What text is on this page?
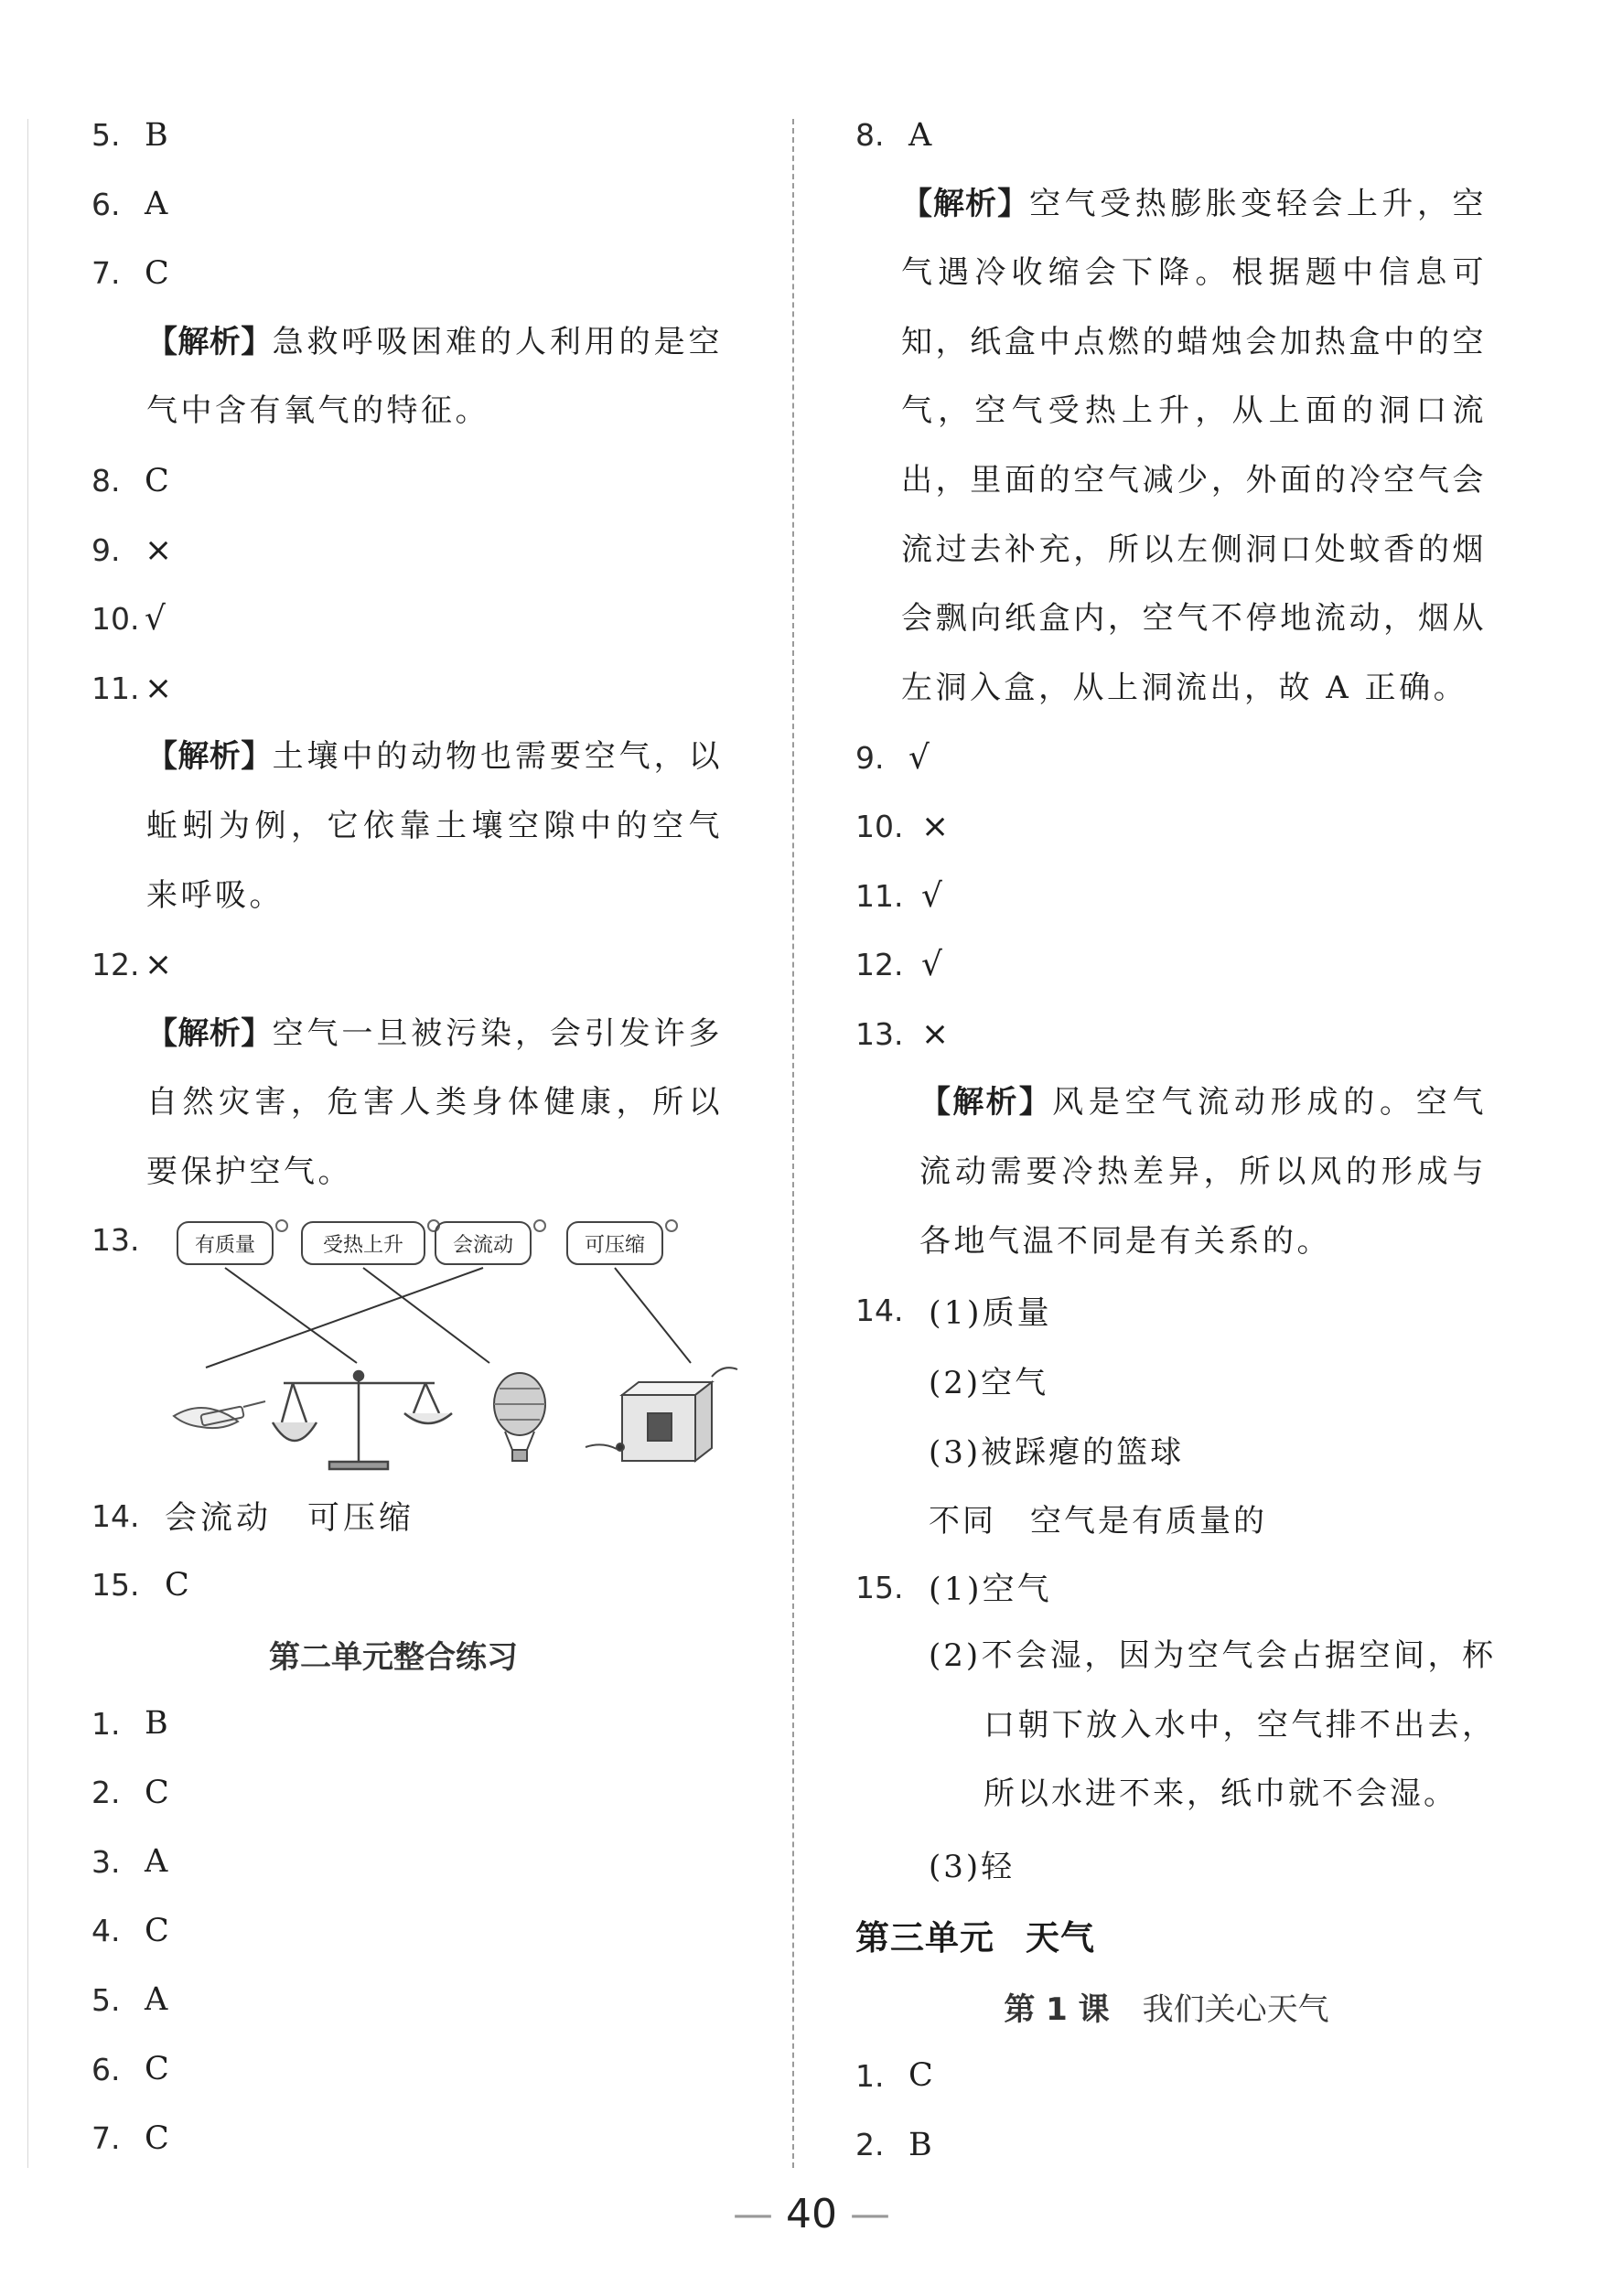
5. B
6. A
7. C
【解析】急救呼吸困难的人利用的是空气中含有氧气的特征。
8. C
9. ×
10. √
11. ×
【解析】土壤中的动物也需要空气，以蚯蚓为例，它依靠土壤空隙中的空气来呼吸。
12. ×
【解析】空气一旦被污染，会引发许多自然灾害，危害人类身体健康，所以要保护空气。
13.	有质量	受热上升 会流动	可压缩
14. 会流动　可压缩
15. C
第二单元整合练习
1. B
2. C
3. A
4. C
5. A
6. C
7. C
8. A
【解析】空气受热膨胀变轻会上升，空气遇冷收缩会下降。根据题中信息可知，纸盒中点燃的蜡烛会加热盒中的空气，空气受热上升，从上面的洞口流出，里面的空气减少，外面的冷空气会流过去补充，所以左侧洞口处蚊香的烟会飘向纸盒内，空气不停地流动，烟从左洞入盒，从上洞流出，故 A 正确。
9. √
10. ×
11. √
12. √
13. ×
【解析】风是空气流动形成的。空气流动需要冷热差异，所以风的形成与各地气温不同是有关系的。
14. (1)质量
(2)空气
(3)被踩瘪的篮球
不同　空气是有质量的
15. (1)空气
(2)不会湿，因为空气会占据空间，杯口朝下放入水中，空气排不出去，所以水进不来，纸巾就不会湿。
(3)轻
第三单元 天气
第 1 课 我们关心天气
1. C
2. B
— 40 —
